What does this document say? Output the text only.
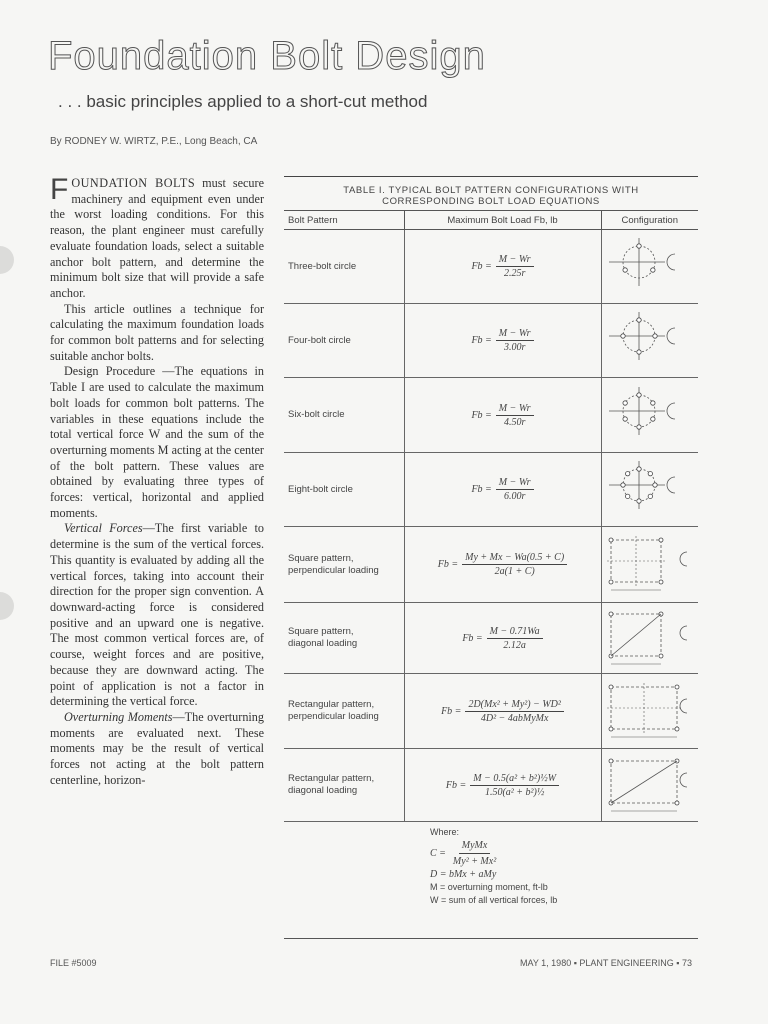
Foundation Bolt Design
. . . basic principles applied to a short-cut method
By RODNEY W. WIRTZ, P.E., Long Beach, CA

FOUNDATION BOLTS must secure machinery and equipment even under the worst loading conditions. For this reason, the plant engineer must carefully evaluate foundation loads, select a suitable anchor bolt pattern, and determine the minimum bolt size that will provide a safe anchor.

This article outlines a technique for calculating the maximum foundation loads for common bolt patterns and for selecting suitable anchor bolts.

Design Procedure —The equations in Table I are used to calculate the maximum bolt loads for common bolt patterns. The variables in these equations include the total vertical force W and the sum of the overturning moments M acting at the center of the bolt pattern. These values are obtained by evaluating three types of forces: vertical, horizontal and applied moments.

Vertical Forces—The first variable to determine is the sum of the vertical forces. This quantity is evaluated by adding all the vertical forces, taking into account their direction for the proper sign convention. A downward-acting force is considered positive and an upward one is negative. The most common vertical forces are, of course, weight forces and are positive, because they are downward acting. The point of application is not a factor in determining the vertical force.

Overturning Moments—The overturning moments are evaluated next. These moments may be the result of vertical forces not acting at the bolt pattern centerline, horizon-

TABLE I. TYPICAL BOLT PATTERN CONFIGURATIONS WITH
CORRESPONDING BOLT LOAD EQUATIONS
Bolt Pattern	Maximum Bolt Load Fb, lb	Configuration

Three-bolt circle	$Fb = \frac{M - Wr}{2.25r}$

Four-bolt circle	$Fb = \frac{M - Wr}{3.00r}$

Six-bolt circle	$Fb = \frac{M - Wr}{4.50r}$

Eight-bolt circle	$Fb = \frac{M - Wr}{6.00r}$

Square pattern,
perpendicular loading	$Fb = \frac{My + Mx - Wa(0.5 + C)}{2a(1 + C)}$

Square pattern,
diagonal loading	$Fb = \frac{M - 0.71Wa}{2.12a}$

Rectangular pattern,
perpendicular loading	$Fb = \frac{\text{2D(Mx² + My²) − WD²}}{\text{4D² − 4abMyMx}}$

Rectangular pattern,
diagonal loading	$Fb = \frac{\text{M − 0.5(a² + b²)½W}}{\text{1.50(a² + b²)½}}$

Where:
$C = \frac{\text{MyMx}}{\text{My² + Mx²}}$
D = bMx + aMy
M = overturning moment, ft-lb
W = sum of all vertical forces, lb
FILE #5009	MAY 1, 1980 ▪ PLANT ENGINEERING ▪ 73
